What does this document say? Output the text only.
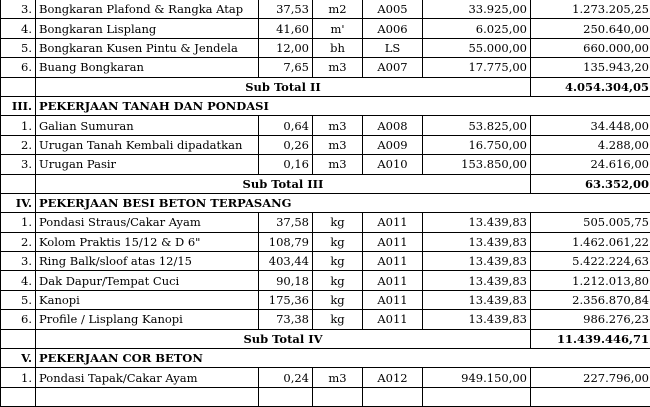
3.	Bongkaran Plafond & Rangka Atap	37,53	m2	A005	33.925,00	1.273.205,25
4.	Bongkaran Lisplang	41,60	m'	A006	6.025,00	250.640,00
5.	Bongkaran Kusen Pintu & Jendela	12,00	bh	LS	55.000,00	660.000,00
6.	Buang Bongkaran	7,65	m3	A007	17.775,00	135.943,20
	Sub Total II					4.054.304,05
III.	PEKERJAAN TANAH DAN PONDASI					
1.	Galian Sumuran	0,64	m3	A008	53.825,00	34.448,00
2.	Urugan Tanah Kembali dipadatkan	0,26	m3	A009	16.750,00	4.288,00
3.	Urugan Pasir	0,16	m3	A010	153.850,00	24.616,00
	Sub Total III					63.352,00
IV.	PEKERJAAN BESI BETON TERPASANG					
1.	Pondasi Straus/Cakar Ayam	37,58	kg	A011	13.439,83	505.005,75
2.	Kolom Praktis 15/12 & D 6"	108,79	kg	A011	13.439,83	1.462.061,22
3.	Ring Balk/sloof atas 12/15	403,44	kg	A011	13.439,83	5.422.224,63
4.	Dak Dapur/Tempat Cuci	90,18	kg	A011	13.439,83	1.212.013,80
5.	Kanopi	175,36	kg	A011	13.439,83	2.356.870,84
6.	Profile / Lisplang Kanopi	73,38	kg	A011	13.439,83	986.276,23
	Sub Total IV					11.439.446,71
V.	PEKERJAAN COR BETON					
1.	Pondasi Tapak/Cakar Ayam	0,24	m3	A012	949.150,00	227.796,00
